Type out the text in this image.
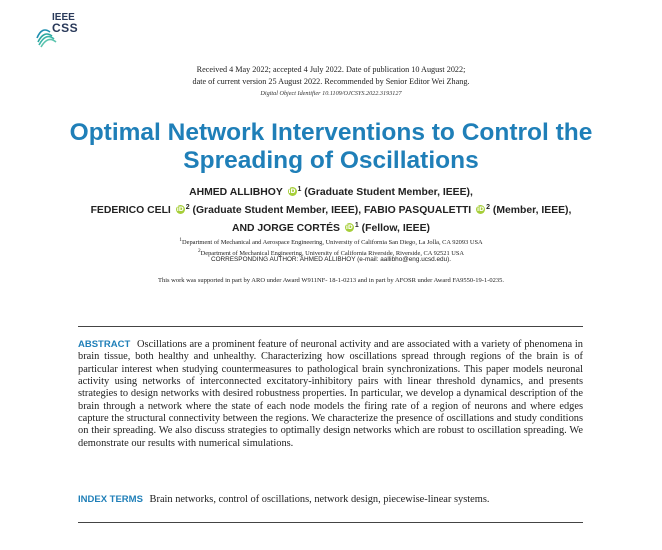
IEEE
CSS
Received 4 May 2022; accepted 4 July 2022. Date of publication 10 August 2022;
date of current version 25 August 2022. Recommended by Senior Editor Wei Zhang.
Digital Object Identifier 10.1109/OJCSYS.2022.3193127
Optimal Network Interventions to Control the
Spreading of Oscillations
AHMED ALLIBHOY iD $^1$ (Graduate Student Member, IEEE),
FEDERICO CELI iD $^2$ (Graduate Student Member, IEEE), FABIO PASQUALETTI iD $^2$ (Member, IEEE),
AND JORGE CORTÉS iD $^1$ (Fellow, IEEE)
$^1$Department of Mechanical and Aerospace Engineering, University of California San Diego, La Jolla, CA 92093 USA
$^2$Department of Mechanical Engineering, University of California Riverside, Riverside, CA 92521 USA
CORRESPONDING AUTHOR: AHMED ALLIBHOY (e-mail: aallibho@eng.ucsd.edu).
This work was supported in part by ARO under Award W911NF- 18-1-0213 and in part by AFOSR under Award FA9550-19-1-0235.

ABSTRACT Oscillations are a prominent feature of neuronal activity and are associated with a variety of phenomena in brain tissue, both healthy and unhealthy. Characterizing how oscillations spread through regions of the brain is of particular interest when studying countermeasures to pathological brain synchronizations. This paper models neuronal activity using networks of interconnected excitatory-inhibitory pairs with linear threshold dynamics, and presents strategies to design networks with desired robustness properties. In particular, we develop a dynamical description of the brain through a network where the state of each node models the firing rate of a region of neurons and where edges capture the structural connectivity between the regions. We characterize the presence of oscillations and study conditions on their spreading. We also discuss strategies to optimally design networks which are robust to oscillation spreading. We demonstrate our results with numerical simulations.

INDEX TERMS Brain networks, control of oscillations, network design, piecewise-linear systems.
